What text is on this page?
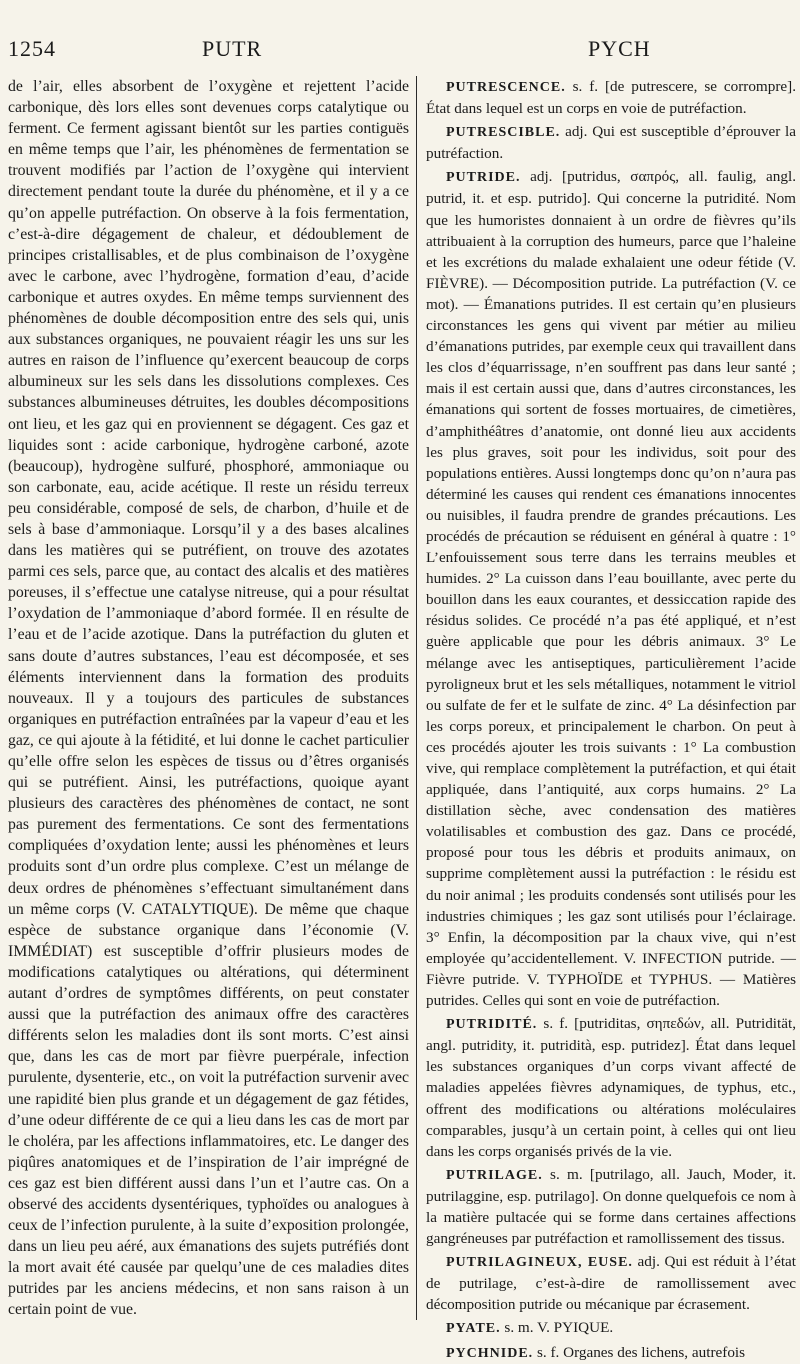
1254	PUTR	PYCH

de l’air, elles absorbent de l’oxygène et rejettent l’acide carbonique, dès lors elles sont devenues corps catalytique ou ferment. Ce ferment agissant bientôt sur les parties contiguës en même temps que l’air, les phénomènes de fermentation se trouvent modifiés par l’action de l’oxygène qui intervient directement pendant toute la durée du phénomène, et il y a ce qu’on appelle putréfaction. On observe à la fois fermentation, c’est-à-dire dégagement de chaleur, et dédoublement de principes cristallisables, et de plus combinaison de l’oxygène avec le carbone, avec l’hydrogène, formation d’eau, d’acide carbonique et autres oxydes. En même temps surviennent des phénomènes de double décomposition entre des sels qui, unis aux substances organiques, ne pouvaient réagir les uns sur les autres en raison de l’influence qu’exercent beaucoup de corps albumineux sur les sels dans les dissolutions complexes. Ces substances albumineuses détruites, les doubles décompositions ont lieu, et les gaz qui en proviennent se dégagent. Ces gaz et liquides sont : acide carbonique, hydrogène carboné, azote (beaucoup), hydrogène sulfuré, phosphoré, ammoniaque ou son carbonate, eau, acide acétique. Il reste un résidu terreux peu considérable, composé de sels, de charbon, d’huile et de sels à base d’ammoniaque. Lorsqu’il y a des bases alcalines dans les matières qui se putréfient, on trouve des azotates parmi ces sels, parce que, au contact des alcalis et des matières poreuses, il s’effectue une catalyse nitreuse, qui a pour résultat l’oxydation de l’ammoniaque d’abord formée. Il en résulte de l’eau et de l’acide azotique. Dans la putréfaction du gluten et sans doute d’autres substances, l’eau est décomposée, et ses éléments interviennent dans la formation des produits nouveaux. Il y a toujours des particules de substances organiques en putréfaction entraînées par la vapeur d’eau et les gaz, ce qui ajoute à la fétidité, et lui donne le cachet particulier qu’elle offre selon les espèces de tissus ou d’êtres organisés qui se putréfient. Ainsi, les putréfactions, quoique ayant plusieurs des caractères des phénomènes de contact, ne sont pas purement des fermentations. Ce sont des fermentations compliquées d’oxydation lente; aussi les phénomènes et leurs produits sont d’un ordre plus complexe. C’est un mélange de deux ordres de phénomènes s’effectuant simultanément dans un même corps (V. CATALYTIQUE). De même que chaque espèce de substance organique dans l’économie (V. IMMÉDIAT) est susceptible d’offrir plusieurs modes de modifications catalytiques ou altérations, qui déterminent autant d’ordres de symptômes différents, on peut constater aussi que la putréfaction des animaux offre des caractères différents selon les maladies dont ils sont morts. C’est ainsi que, dans les cas de mort par fièvre puerpérale, infection purulente, dysenterie, etc., on voit la putréfaction survenir avec une rapidité bien plus grande et un dégagement de gaz fétides, d’une odeur différente de ce qui a lieu dans les cas de mort par le choléra, par les affections inflammatoires, etc. Le danger des piqûres anatomiques et de l’inspiration de l’air imprégné de ces gaz est bien différent aussi dans l’un et l’autre cas. On a observé des accidents dysentériques, typhoïdes ou analogues à ceux de l’infection purulente, à la suite d’exposition prolongée, dans un lieu peu aéré, aux émanations des sujets putréfiés dont la mort avait été causée par quelqu’une de ces maladies dites putrides par les anciens médecins, et non sans raison à un certain point de vue.

PUTRESCENCE. s. f. [de putrescere, se corrompre]. État dans lequel est un corps en voie de putréfaction.

PUTRESCIBLE. adj. Qui est susceptible d’éprouver la putréfaction.

PUTRIDE. adj. [putridus, σαπρός, all. faulig, angl. putrid, it. et esp. putrido]. Qui concerne la putridité. Nom que les humoristes donnaient à un ordre de fièvres qu’ils attribuaient à la corruption des humeurs, parce que l’haleine et les excrétions du malade exhalaient une odeur fétide (V. FIÈVRE). — Décomposition putride. La putréfaction (V. ce mot). — Émanations putrides. Il est certain qu’en plusieurs circonstances les gens qui vivent par métier au milieu d’émanations putrides, par exemple ceux qui travaillent dans les clos d’équarrissage, n’en souffrent pas dans leur santé ; mais il est certain aussi que, dans d’autres circonstances, les émanations qui sortent de fosses mortuaires, de cimetières, d’amphithéâtres d’anatomie, ont donné lieu aux accidents les plus graves, soit pour les individus, soit pour des populations entières. Aussi longtemps donc qu’on n’aura pas déterminé les causes qui rendent ces émanations innocentes ou nuisibles, il faudra prendre de grandes précautions. Les procédés de précaution se réduisent en général à quatre : 1° L’enfouissement sous terre dans les terrains meubles et humides. 2° La cuisson dans l’eau bouillante, avec perte du bouillon dans les eaux courantes, et dessiccation rapide des résidus solides. Ce procédé n’a pas été appliqué, et n’est guère applicable que pour les débris animaux. 3° Le mélange avec les antiseptiques, particulièrement l’acide pyroligneux brut et les sels métalliques, notamment le vitriol ou sulfate de fer et le sulfate de zinc. 4° La désinfection par les corps poreux, et principalement le charbon. On peut à ces procédés ajouter les trois suivants : 1° La combustion vive, qui remplace complètement la putréfaction, et qui était appliquée, dans l’antiquité, aux corps humains. 2° La distillation sèche, avec condensation des matières volatilisables et combustion des gaz. Dans ce procédé, proposé pour tous les débris et produits animaux, on supprime complètement aussi la putréfaction : le résidu est du noir animal ; les produits condensés sont utilisés pour les industries chimiques ; les gaz sont utilisés pour l’éclairage. 3° Enfin, la décomposition par la chaux vive, qui n’est employée qu’accidentellement. V. INFECTION putride. — Fièvre putride. V. TYPHOÏDE et TYPHUS. — Matières putrides. Celles qui sont en voie de putréfaction.

PUTRIDITÉ. s. f. [putriditas, σηπεδών, all. Putridität, angl. putridity, it. putridità, esp. putridez]. État dans lequel les substances organiques d’un corps vivant affecté de maladies appelées fièvres adynamiques, de typhus, etc., offrent des modifications ou altérations moléculaires comparables, jusqu’à un certain point, à celles qui ont lieu dans les corps organisés privés de la vie.

PUTRILAGE. s. m. [putrilago, all. Jauch, Moder, it. putrilaggine, esp. putrilago]. On donne quelquefois ce nom à la matière pultacée qui se forme dans certaines affections gangréneuses par putréfaction et ramollissement des tissus.

PUTRILAGINEUX, EUSE. adj. Qui est réduit à l’état de putrilage, c’est-à-dire de ramollissement avec décomposition putride ou mécanique par écrasement.

PYATE. s. m. V. PYIQUE.

PYCHNIDE. s. f. Organes des lichens, autrefois
